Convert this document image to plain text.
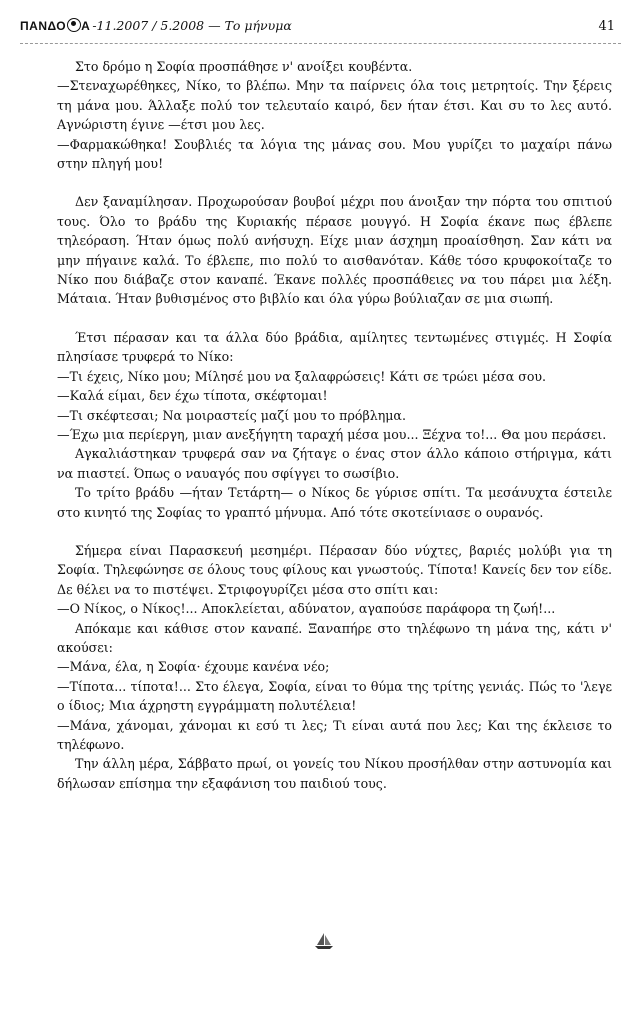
ΠΑΝΔΟ Α -11.2007 / 5.2008 — Το μήνυμα	41

Στο δρόμο η Σοφία προσπάθησε ν' ανοίξει κουβέντα.

—Στεναχωρέθηκες, Νίκο, το βλέπω. Μην τα παίρνεις όλα τοις μετρητοίς. Την ξέρεις τη μάνα μου. Άλλαξε πολύ τον τελευταίο καιρό, δεν ήταν έτσι. Και συ το λες αυτό. Αγνώριστη έγινε —έτσι μου λες.

—Φαρμακώθηκα! Σουβλιές τα λόγια της μάνας σου. Μου γυρίζει το μαχαίρι πάνω στην πληγή μου!

Δεν ξαναμίλησαν. Προχωρούσαν βουβοί μέχρι που άνοιξαν την πόρτα του σπιτιού τους. Όλο το βράδυ της Κυριακής πέρασε μουγγό. Η Σοφία έκανε πως έβλεπε τηλεόραση. Ήταν όμως πολύ ανήσυχη. Είχε μιαν άσχημη προαίσθηση. Σαν κάτι να μην πήγαινε καλά. Το έβλεπε, πιο πολύ το αισθανόταν. Κάθε τόσο κρυφοκοίταζε το Νίκο που διάβαζε στον καναπέ. Έκανε πολλές προσπάθειες να του πάρει μια λέξη. Μάταια. Ήταν βυθισμένος στο βιβλίο και όλα γύρω βούλιαζαν σε μια σιωπή.

Έτσι πέρασαν και τα άλλα δύο βράδια, αμίλητες τεντωμένες στιγμές. Η Σοφία πλησίασε τρυφερά το Νίκο:

—Τι έχεις, Νίκο μου; Μίλησέ μου να ξαλαφρώσεις! Κάτι σε τρώει μέσα σου.

—Καλά είμαι, δεν έχω τίποτα, σκέφτομαι!

—Τι σκέφτεσαι; Να μοιραστείς μαζί μου το πρόβλημα.

—Έχω μια περίεργη, μιαν ανεξήγητη ταραχή μέσα μου... Ξέχνα το!... Θα μου περάσει.

Αγκαλιάστηκαν τρυφερά σαν να ζήταγε ο ένας στον άλλο κάποιο στήριγμα, κάτι να πιαστεί. Όπως ο ναυαγός που σφίγγει το σωσίβιο.

Το τρίτο βράδυ —ήταν Τετάρτη— ο Νίκος δε γύρισε σπίτι. Τα μεσάνυχτα έστειλε στο κινητό της Σοφίας το γραπτό μήνυμα. Από τότε σκοτείνιασε ο ουρανός.

Σήμερα είναι Παρασκευή μεσημέρι. Πέρασαν δύο νύχτες, βαριές μολύβι για τη Σοφία. Τηλεφώνησε σε όλους τους φίλους και γνωστούς. Τίποτα! Κανείς δεν τον είδε. Δε θέλει να το πιστέψει. Στριφογυρίζει μέσα στο σπίτι και:

—Ο Νίκος, ο Νίκος!... Αποκλείεται, αδύνατον, αγαπούσε παράφορα τη ζωή!...

Απόκαμε και κάθισε στον καναπέ. Ξαναπήρε στο τηλέφωνο τη μάνα της, κάτι ν' ακούσει:

—Μάνα, έλα, η Σοφία· έχουμε κανένα νέο;

—Τίποτα... τίποτα!... Στο έλεγα, Σοφία, είναι το θύμα της τρίτης γενιάς. Πώς το 'λεγε ο ίδιος; Μια άχρηστη εγγράμματη πολυτέλεια!

—Μάνα, χάνομαι, χάνομαι κι εσύ τι λες; Τι είναι αυτά που λες; Και της έκλεισε το τηλέφωνο.

Την άλλη μέρα, Σάββατο πρωί, οι γονείς του Νίκου προσήλθαν στην αστυνομία και δήλωσαν επίσημα την εξαφάνιση του παιδιού τους.
